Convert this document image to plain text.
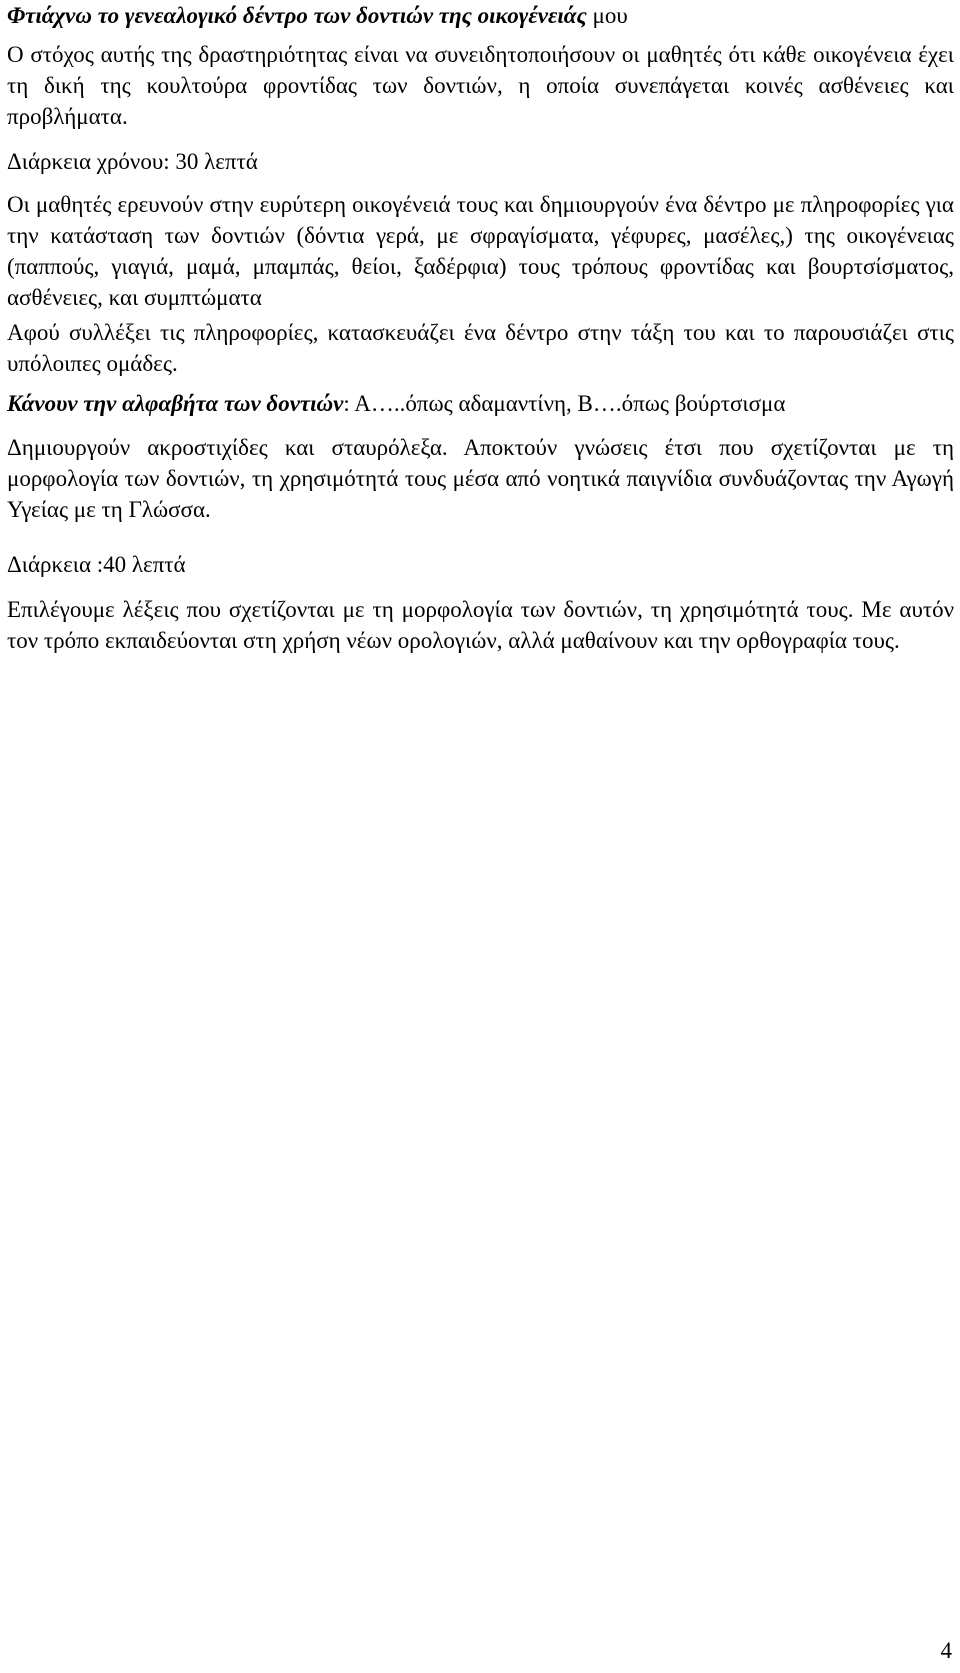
Φτιάχνω το γενεαλογικό δέντρο των δοντιών της οικογένειάς μου

Ο στόχος αυτής της δραστηριότητας είναι να συνειδητοποιήσουν οι μαθητές ότι κάθε οικογένεια έχει τη δική της κουλτούρα φροντίδας των δοντιών, η οποία συνεπάγεται κοινές ασθένειες και προβλήματα.

Διάρκεια χρόνου: 30 λεπτά

Οι μαθητές ερευνούν στην ευρύτερη οικογένειά τους και δημιουργούν ένα δέντρο με πληροφορίες για την κατάσταση των δοντιών (δόντια γερά, με σφραγίσματα, γέφυρες, μασέλες,) της οικογένειας (παππούς, γιαγιά, μαμά, μπαμπάς, θείοι, ξαδέρφια) τους τρόπους φροντίδας και βουρτσίσματος, ασθένειες, και συμπτώματα

Αφού συλλέξει τις πληροφορίες, κατασκευάζει ένα δέντρο στην τάξη του και το παρουσιάζει στις υπόλοιπες ομάδες.

Κάνουν την αλφαβήτα των δοντιών: Α…..όπως αδαμαντίνη, Β….όπως βούρτσισμα

Δημιουργούν ακροστιχίδες και σταυρόλεξα. Αποκτούν γνώσεις έτσι που σχετίζονται με τη μορφολογία των δοντιών, τη χρησιμότητά τους μέσα από νοητικά παιγνίδια συνδυάζοντας την Αγωγή Υγείας με τη Γλώσσα.

Διάρκεια :40 λεπτά

Επιλέγουμε λέξεις που σχετίζονται με τη μορφολογία των δοντιών, τη χρησιμότητά τους. Με αυτόν τον τρόπο εκπαιδεύονται στη χρήση νέων ορολογιών, αλλά μαθαίνουν και την ορθογραφία τους.

4
